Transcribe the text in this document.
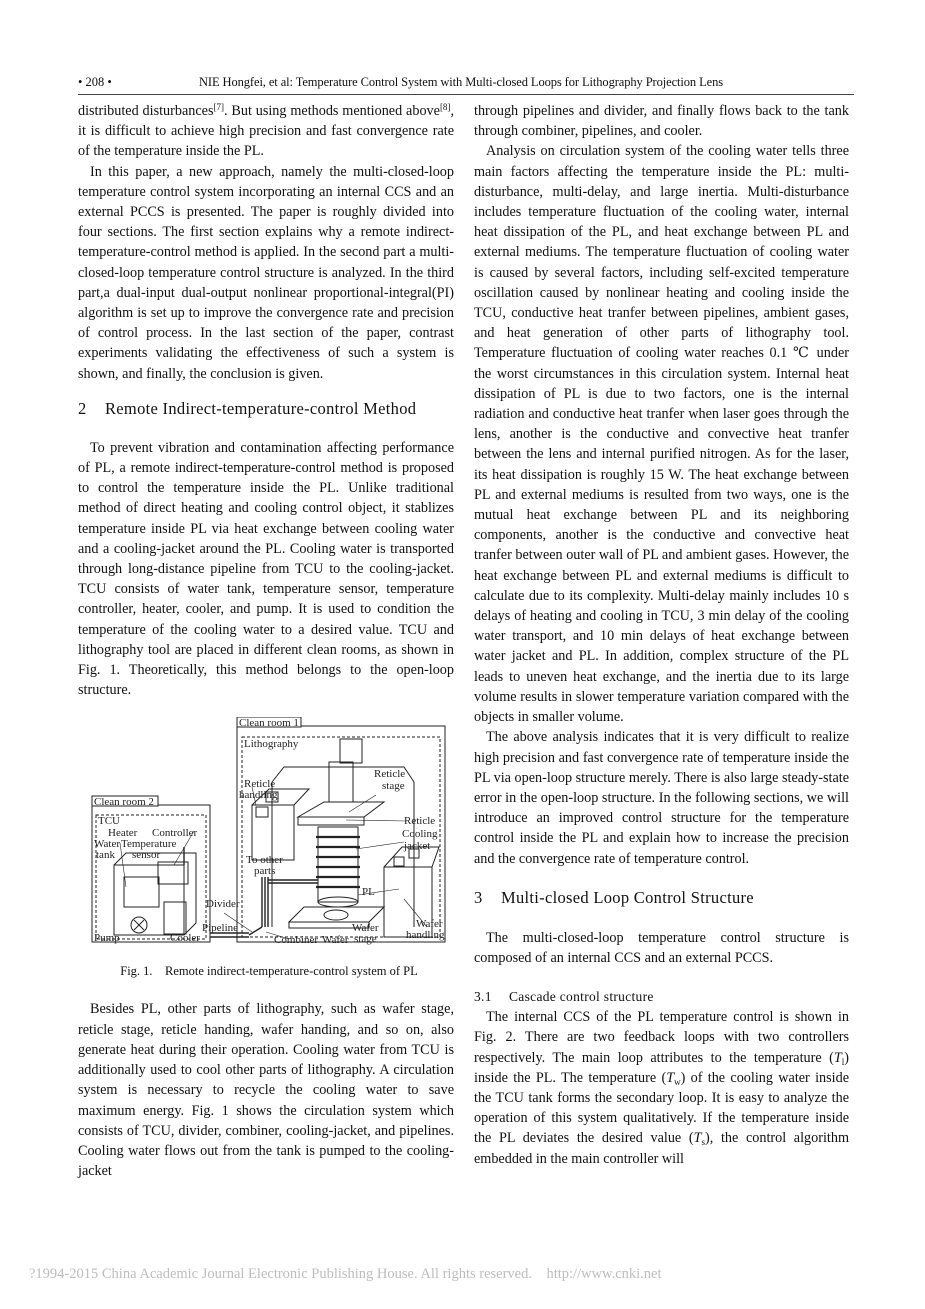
• 208 •	NIE Hongfei, et al: Temperature Control System with Multi-closed Loops for Lithography Projection Lens

distributed disturbances[7]. But using methods mentioned above[8], it is difficult to achieve high precision and fast convergence rate of the temperature inside the PL.

In this paper, a new approach, namely the multi-closed-loop temperature control system incorporating an internal CCS and an external PCCS is presented. The paper is roughly divided into four sections. The first section explains why a remote indirect-temperature-control method is applied. In the second part a multi-closed-loop temperature control structure is analyzed. In the third part,a dual-input dual-output nonlinear proportional-integral(PI) algorithm is set up to improve the convergence rate and precision of control process. In the last section of the paper, contrast experiments validating the effectiveness of such a system is shown, and finally, the conclusion is given.

2	Remote Indirect-temperature-control Method

To prevent vibration and contamination affecting performance of PL, a remote indirect-temperature-control method is proposed to control the temperature inside the PL. Unlike traditional method of direct heating and cooling control object, it stablizes temperature inside PL via heat exchange between cooling water and a cooling-jacket around the PL. Cooling water is transported through long-distance pipeline from TCU to the cooling-jacket. TCU consists of water tank, temperature sensor, temperature controller, heater, cooler, and pump. It is used to condition the temperature of the cooling water to a desired value. TCU and lithography tool are placed in different clean rooms, as shown in Fig. 1. Theoretically, this method belongs to the open-loop structure.

Clean room 1
Lithography
Reticle
stage
Reticle
handling
Reticle
Cooling
jacket
To other
parts
PL
Clean room 2
TCU
Heater Controller
Water
tank
Temperature
sensor
Divider
Pipeline
Combiner Wafer
Wafer
stage
Wafer
handling
Pump	Cooler
Fig. 1.    Remote indirect-temperature-control system of PL

Besides PL, other parts of lithography, such as wafer stage, reticle stage, reticle handing, wafer handing, and so on, also generate heat during their operation. Cooling water from TCU is additionally used to cool other parts of lithography. A circulation system is necessary to recycle the cooling water to save maximum energy. Fig. 1 shows the circulation system which consists of TCU, divider, combiner, cooling-jacket, and pipelines. Cooling water flows out from the tank is pumped to the cooling-jacket

through pipelines and divider, and finally flows back to the tank through combiner, pipelines, and cooler.

Analysis on circulation system of the cooling water tells three main factors affecting the temperature inside the PL: multi-disturbance, multi-delay, and large inertia. Multi-disturbance includes temperature fluctuation of the cooling water, internal heat dissipation of the PL, and heat exchange between PL and external mediums. The temperature fluctuation of cooling water is caused by several factors, including self-excited temperature oscillation caused by nonlinear heating and cooling inside the TCU, conductive heat tranfer between pipelines, ambient gases, and heat generation of other parts of lithography tool. Temperature fluctuation of cooling water reaches 0.1 ℃ under the worst circumstances in this circulation system. Internal heat dissipation of PL is due to two factors, one is the internal radiation and conductive heat tranfer when laser goes through the lens, another is the conductive and convective heat tranfer between the lens and internal purified nitrogen. As for the laser, its heat dissipation is roughly 15 W. The heat exchange between PL and external mediums is resulted from two ways, one is the mutual heat exchange between PL and its neighboring components, another is the conductive and convective heat tranfer between outer wall of PL and ambient gases. However, the heat exchange between PL and external mediums is difficult to calculate due to its complexity. Multi-delay mainly includes 10 s delays of heating and cooling in TCU, 3 min delay of the cooling water transport, and 10 min delays of heat exchange between water jacket and PL. In addition, complex structure of the PL leads to uneven heat exchange, and the inertia due to its large volume results in slower temperature variation compared with the objects in smaller volume.

The above analysis indicates that it is very difficult to realize high precision and fast convergence rate of temperature inside the PL via open-loop structure merely. There is also large steady-state error in the open-loop structure. In the following sections, we will introduce an improved control structure for the temperature control inside the PL and explain how to increase the precision and the convergence rate of temperature control.

3	Multi-closed Loop Control Structure

The multi-closed-loop temperature control structure is composed of an internal CCS and an external PCCS.

3.1	Cascade control structure

The internal CCS of the PL temperature control is shown in Fig. 2. There are two feedback loops with two controllers respectively. The main loop attributes to the temperature $(T_l)$ inside the PL. The temperature $(T_w)$ of the cooling water inside the TCU tank forms the secondary loop. It is easy to analyze the operation of this system qualitatively. If the temperature inside the PL deviates the desired value $(T_s)$, the control algorithm embedded in the main controller will

?1994-2015 China Academic Journal Electronic Publishing House. All rights reserved. http://www.cnki.net
